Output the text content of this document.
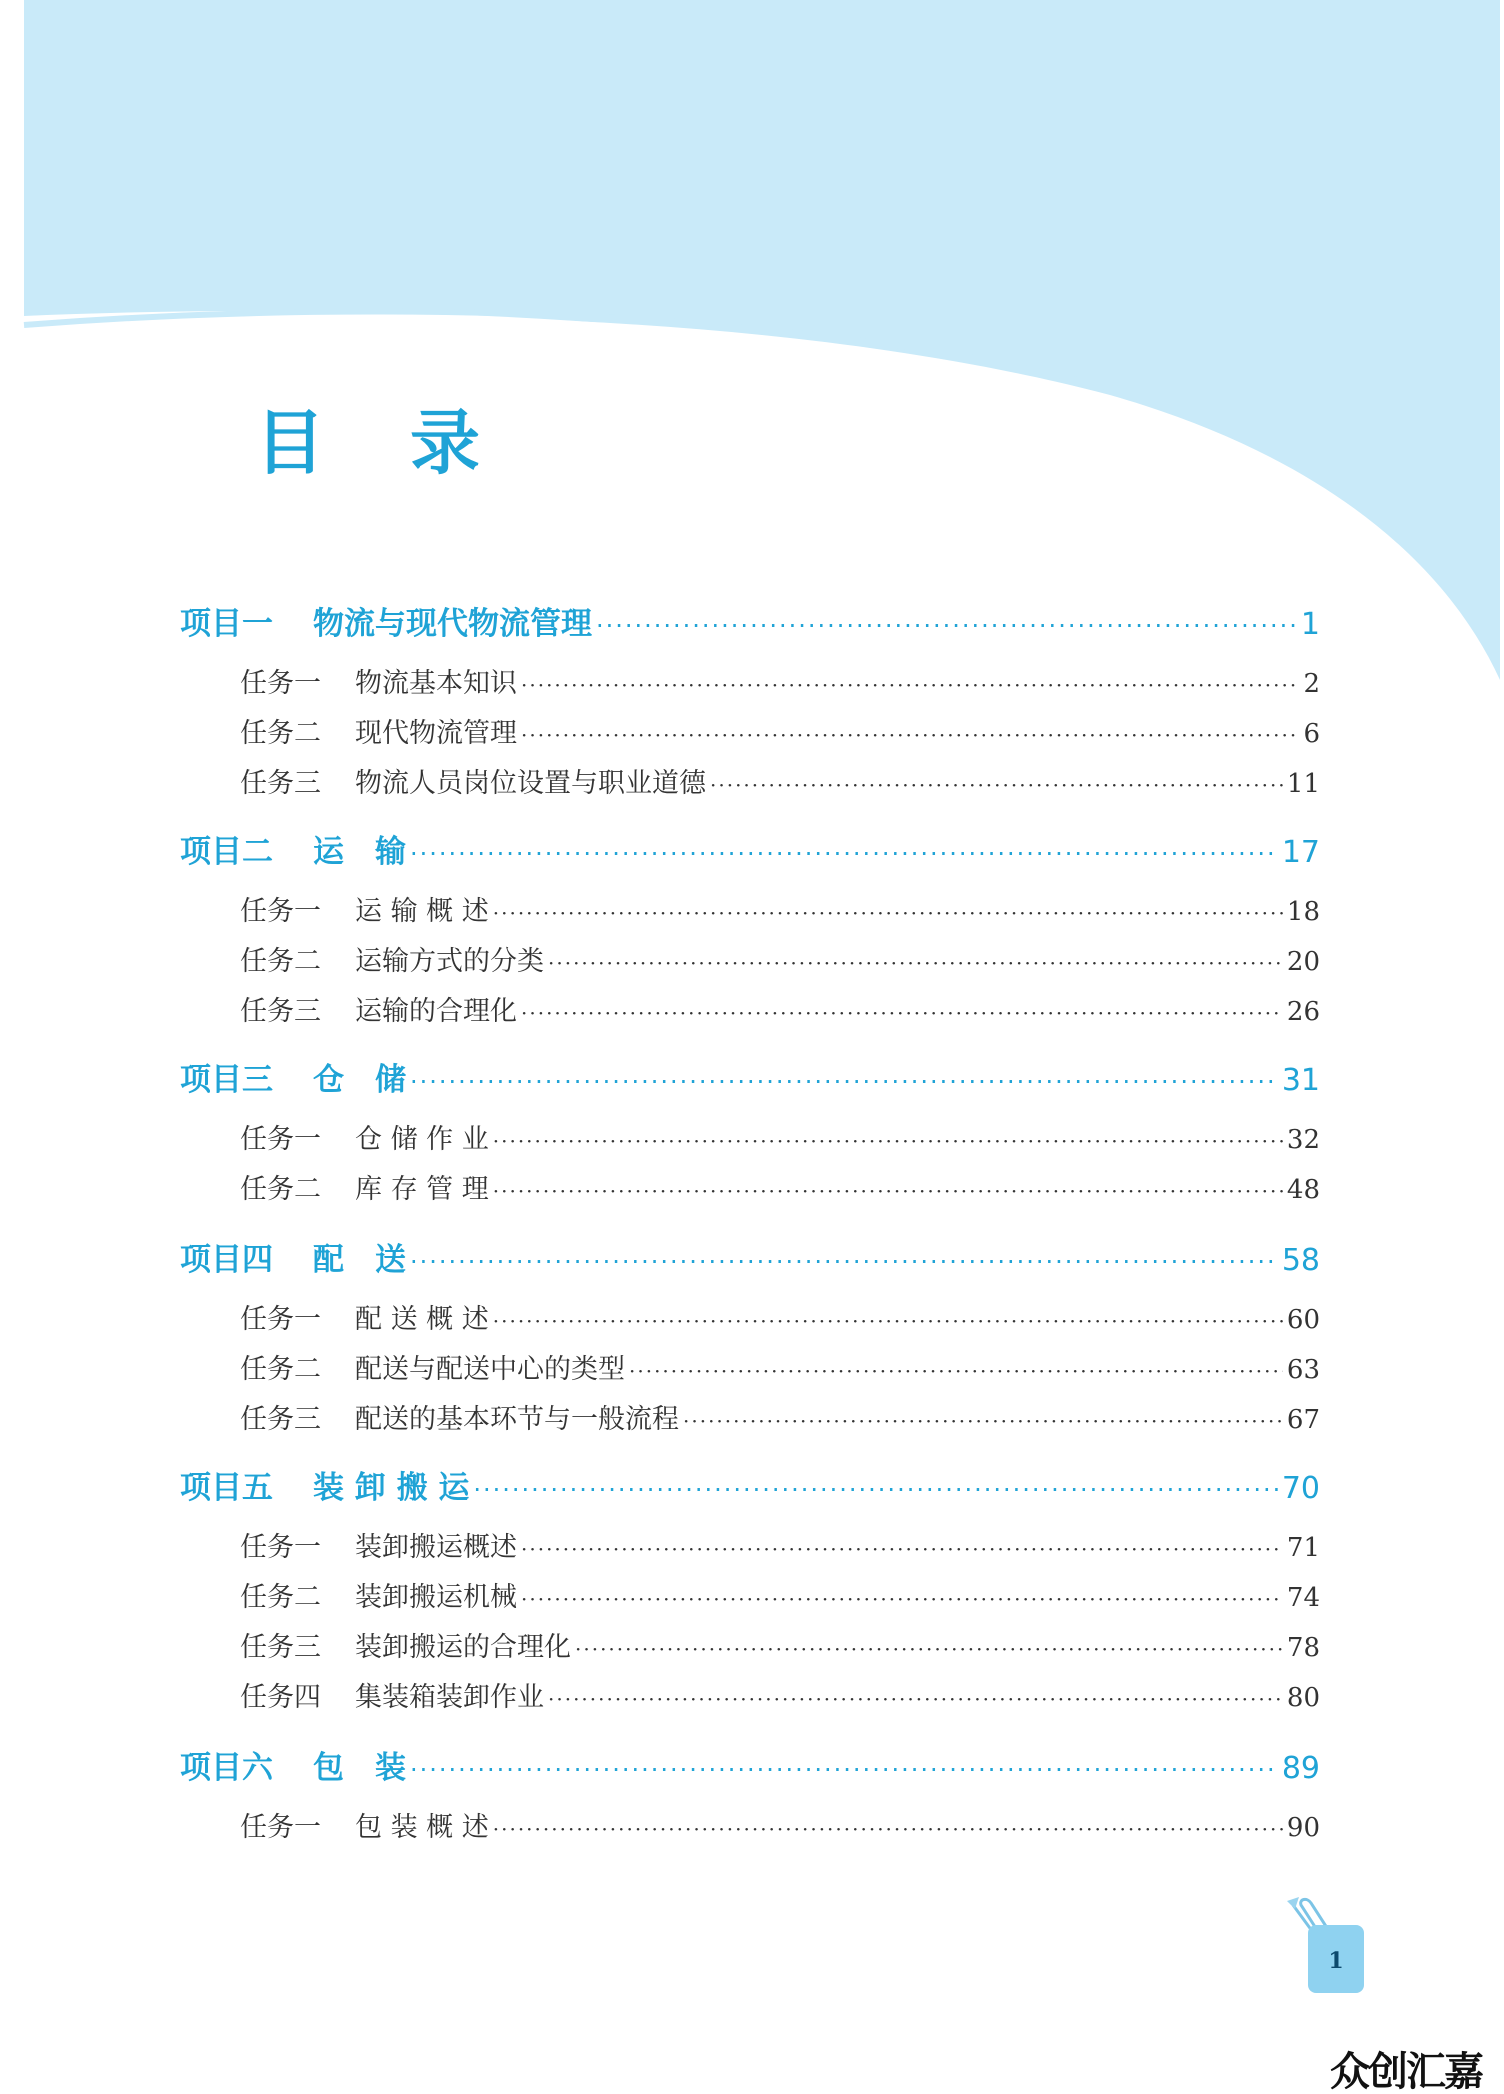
目 录
项目一 物流与现代物流管理 ·····	1
任务一 物流基本知识 ·····	2
任务二 现代物流管理 ·····	6
任务三 物流人员岗位设置与职业道德 ·····	11
项目二 运　输 ·····	17
任务一 运 输 概 述 ·····	18
任务二 运输方式的分类 ·····	20
任务三 运输的合理化 ·····	26
项目三 仓　储 ·····	31
任务一 仓 储 作 业 ·····	32
任务二 库 存 管 理 ·····	48
项目四 配　送 ·····	58
任务一 配 送 概 述 ·····	60
任务二 配送与配送中心的类型 ·····	63
任务三 配送的基本环节与一般流程 ·····	67
项目五 装 卸 搬 运 ·····	70
任务一 装卸搬运概述 ·····	71
任务二 装卸搬运机械 ·····	74
任务三 装卸搬运的合理化 ·····	78
任务四 集装箱装卸作业 ·····	80
项目六 包　装 ·····	89
任务一 包 装 概 述 ·····	90
1
众创汇嘉
